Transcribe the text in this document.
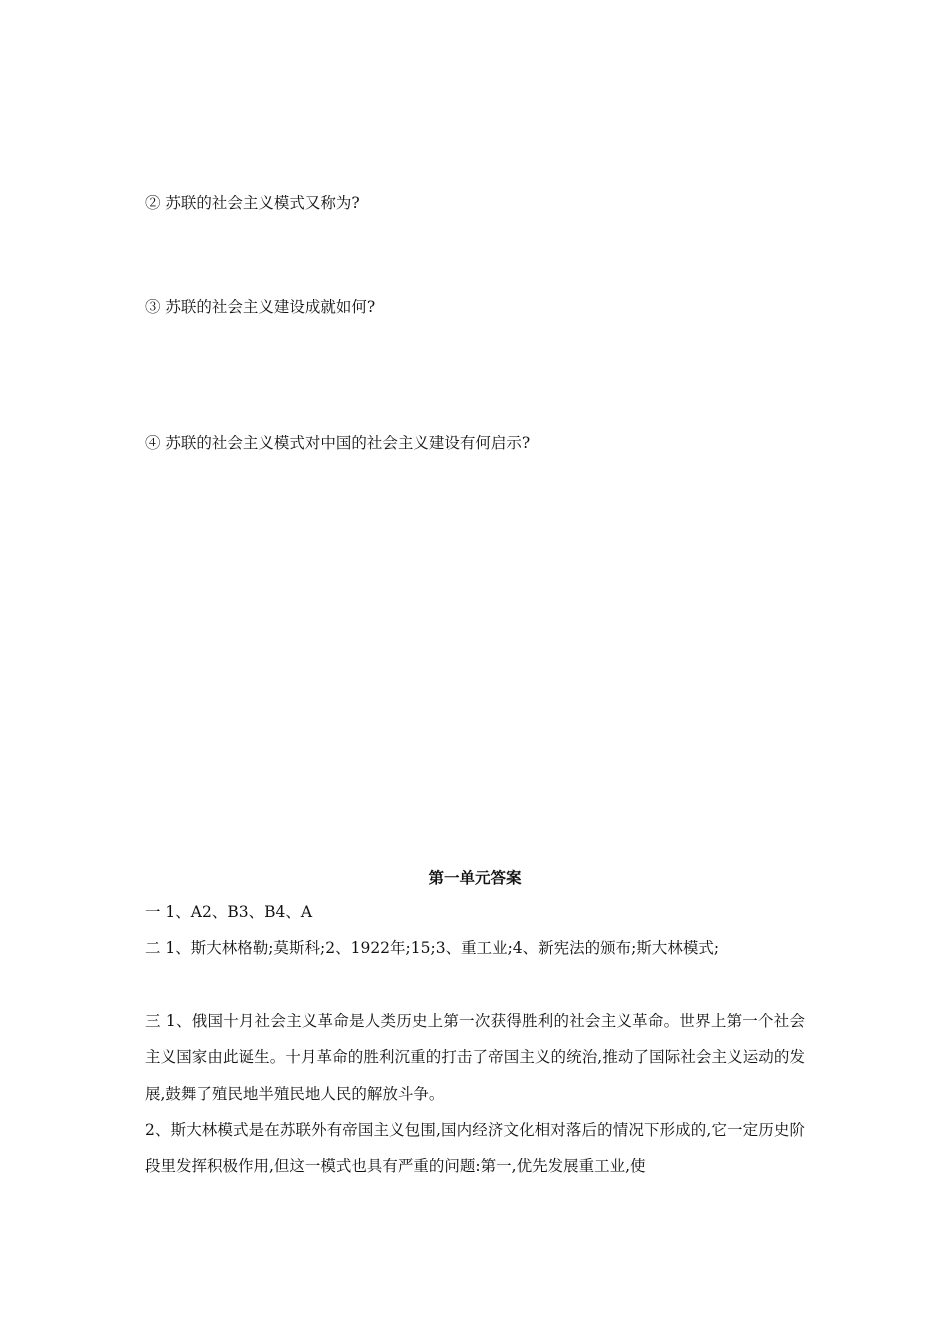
② 苏联的社会主义模式又称为?
③ 苏联的社会主义建设成就如何?
④ 苏联的社会主义模式对中国的社会主义建设有何启示?
第一单元答案
一 1、A2、B3、B4、A
二 1、斯大林格勒;莫斯科;2、1922年;15;3、重工业;4、新宪法的颁布;斯大林模式;
三 1、俄国十月社会主义革命是人类历史上第一次获得胜利的社会主义革命。世界上第一个社会主义国家由此诞生。十月革命的胜利沉重的打击了帝国主义的统治,推动了国际社会主义运动的发展,鼓舞了殖民地半殖民地人民的解放斗争。
2、斯大林模式是在苏联外有帝国主义包围,国内经济文化相对落后的情况下形成的,它一定历史阶段里发挥积极作用,但这一模式也具有严重的问题:第一,优先发展重工业,使
